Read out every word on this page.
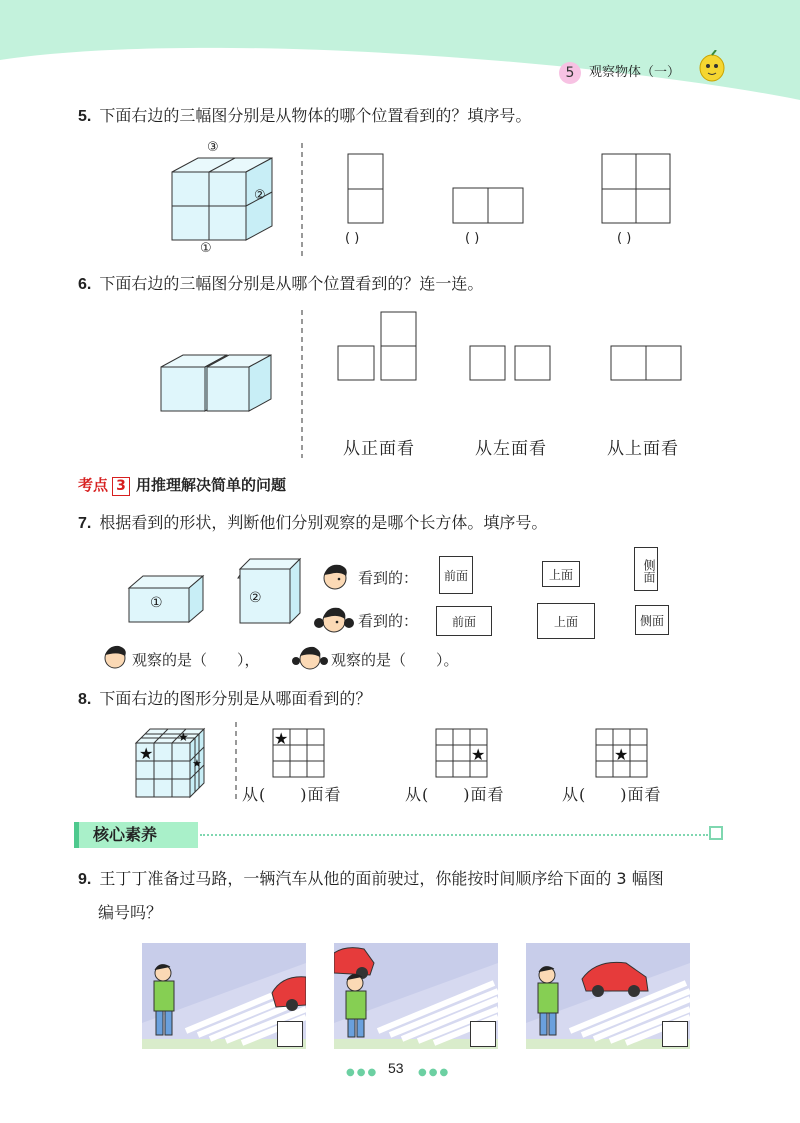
5	观察物体（一）
5. 下面右边的三幅图分别是从物体的哪个位置看到的？填序号。
③
②
①
( )	( )	( )
6. 下面右边的三幅图分别是从哪个位置看到的？连一连。
从正面看	从左面看	从上面看
考点 3 用推理解决简单的问题
7. 根据看到的形状，判断他们分别观察的是哪个长方体。填序号。
①	②
看到的：	前面	上面	侧面
看到的：	前面	上面	侧面
观察的是（　　），	观察的是（　　）。
8. 下面右边的图形分别是从哪面看到的？
★
★
★
★
★	★
从(　　)面看	从(　　)面看	从(　　)面看
核心素养
9. 王丁丁准备过马路，一辆汽车从他的面前驶过，你能按时间顺序给下面的 3 幅图
编号吗？
●●● 53 ●●●
